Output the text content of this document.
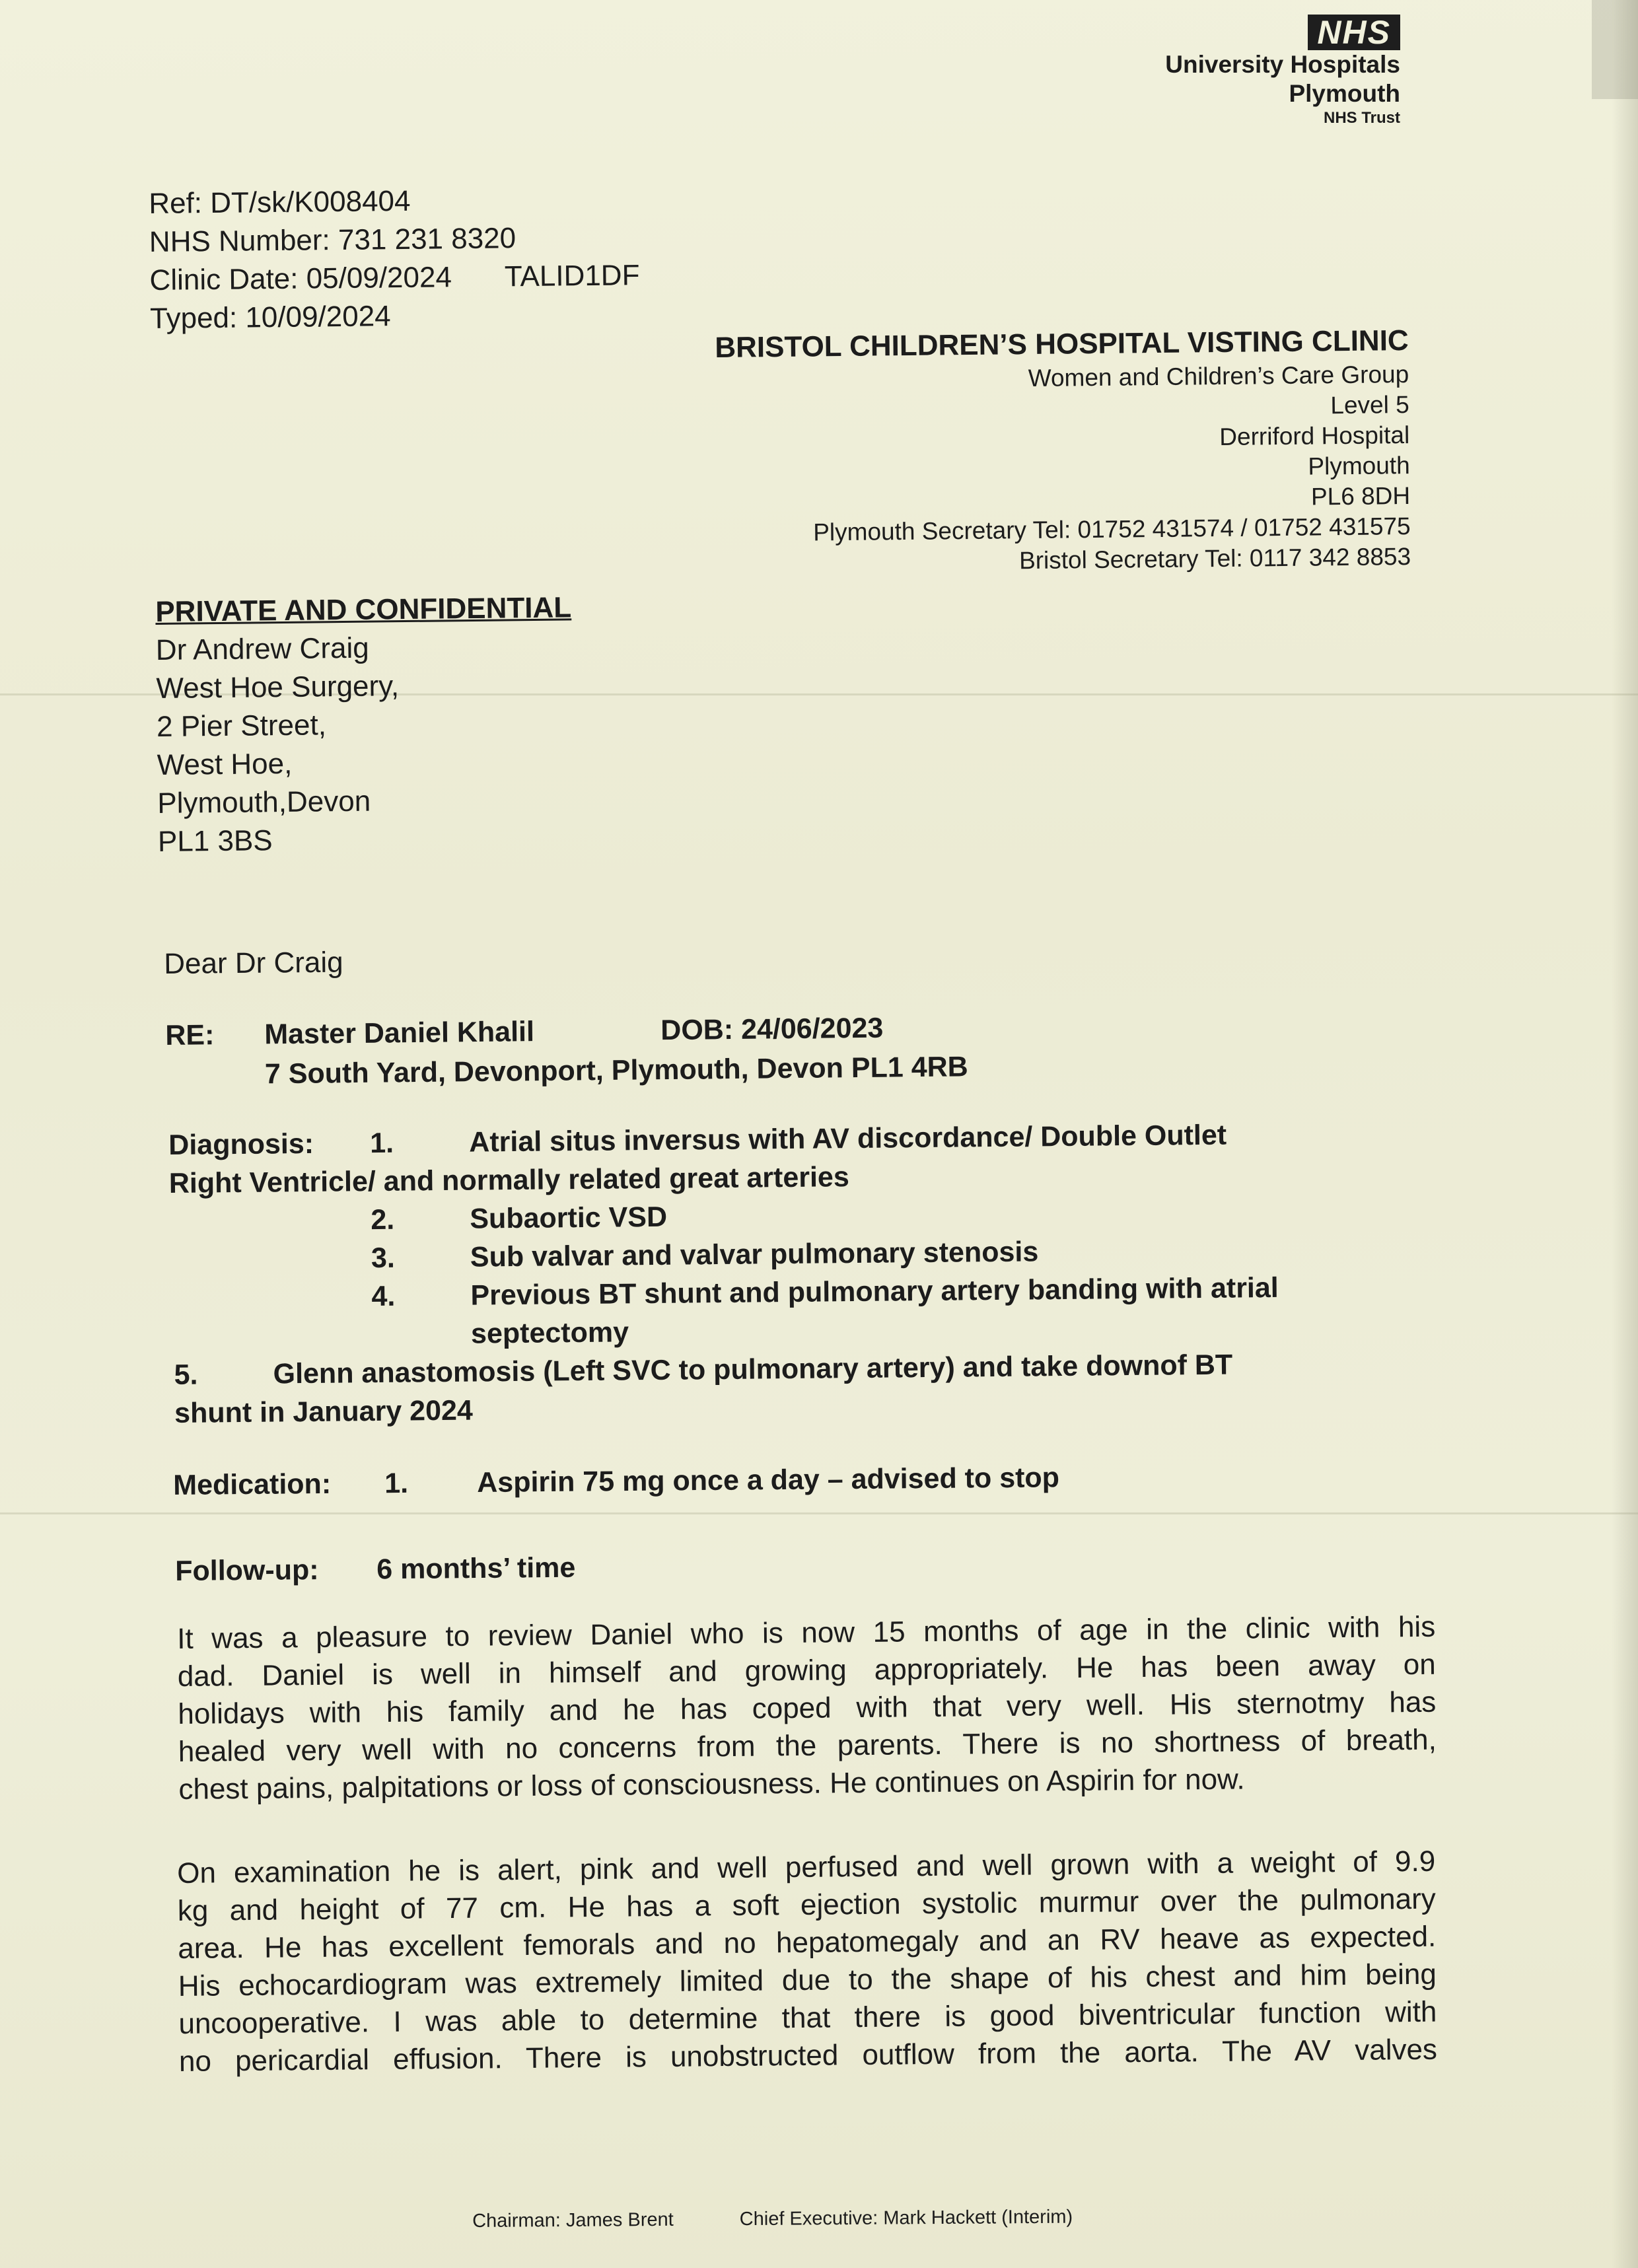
NHS
University Hospitals
Plymouth
NHS Trust
Ref: DT/sk/K008404
NHS Number: 731 231 8320
Clinic Date: 05/09/2024 TALID1DF
Typed: 10/09/2024
BRISTOL CHILDREN’S HOSPITAL VISTING CLINIC
Women and Children’s Care Group
Level 5
Derriford Hospital
Plymouth
PL6 8DH
Plymouth Secretary Tel: 01752 431574 / 01752 431575
Bristol Secretary Tel: 0117 342 8853
PRIVATE AND CONFIDENTIAL
Dr Andrew Craig
West Hoe Surgery,
2 Pier Street,
West Hoe,
Plymouth,Devon
PL1 3BS
Dear Dr Craig
RE: Master Daniel Khalil	DOB: 24/06/2023
7 South Yard, Devonport, Plymouth, Devon PL1 4RB
Diagnosis:	1.	Atrial situs inversus with AV discordance/ Double Outlet
Right Ventricle/ and normally related great arteries
2.	Subaortic VSD
3.	Sub valvar and valvar pulmonary stenosis
4.	Previous BT shunt and pulmonary artery banding with atrial
septectomy
5.	Glenn anastomosis (Left SVC to pulmonary artery) and take downof BT
shunt in January 2024
Medication: 1. Aspirin 75 mg once a day – advised to stop
Follow-up: 6 months’ time
It was a pleasure to review Daniel who is now 15 months of age in the clinic with his
dad. Daniel is well in himself and growing appropriately. He has been away on
holidays with his family and he has coped with that very well. His sternotmy has
healed very well with no concerns from the parents. There is no shortness of breath,
chest pains, palpitations or loss of consciousness. He continues on Aspirin for now.
On examination he is alert, pink and well perfused and well grown with a weight of 9.9
kg and height of 77 cm. He has a soft ejection systolic murmur over the pulmonary
area. He has excellent femorals and no hepatomegaly and an RV heave as expected.
His echocardiogram was extremely limited due to the shape of his chest and him being
uncooperative. I was able to determine that there is good biventricular function with
no pericardial effusion. There is unobstructed outflow from the aorta. The AV valves
Chairman: James Brent	Chief Executive: Mark Hackett (Interim)
